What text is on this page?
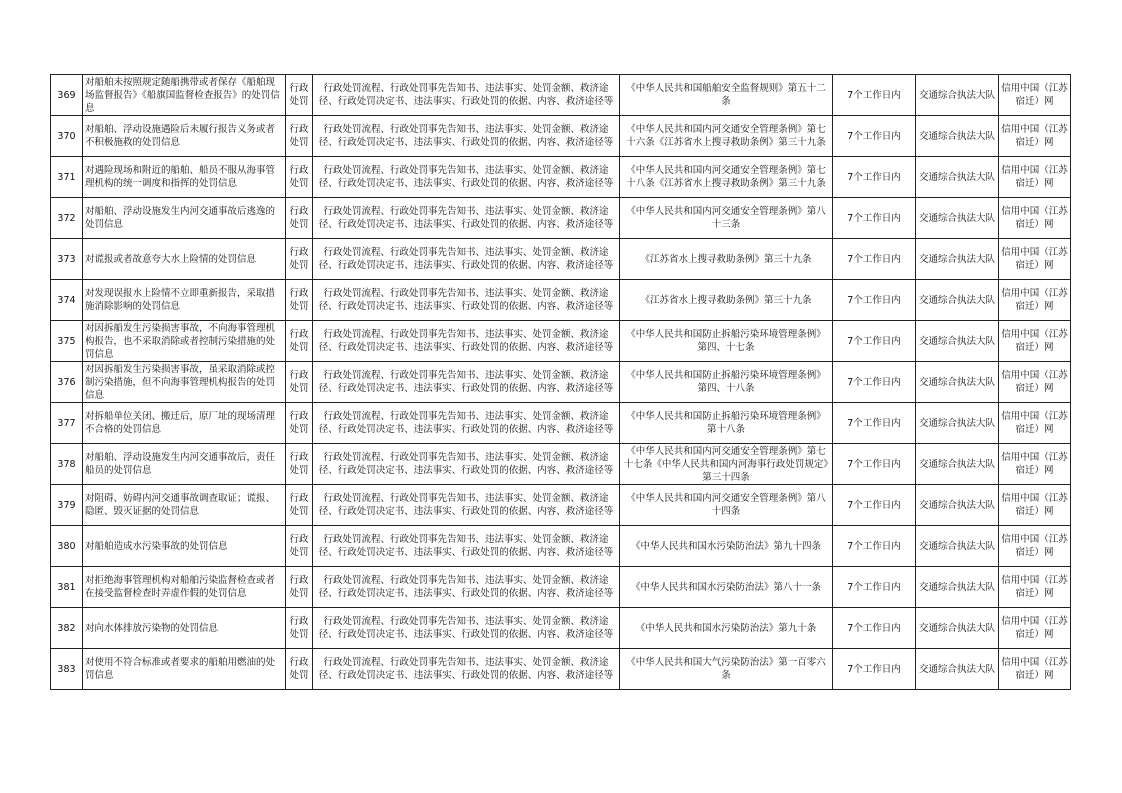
369	对船舶未按照规定随船携带或者保存《船舶现场监督报告》《船旗国监督检查报告》的处罚信息	行政处罚	行政处罚流程、行政处罚事先告知书、违法事实、处罚金额、救济途径、行政处罚决定书、违法事实、行政处罚的依据、内容、救济途径等	《中华人民共和国船舶安全监督规则》第五十二条	7个工作日内	交通综合执法大队	信用中国（江苏宿迁）网
370	对船舶、浮动设施遇险后未履行报告义务或者不积极施救的处罚信息	行政处罚	行政处罚流程、行政处罚事先告知书、违法事实、处罚金额、救济途径、行政处罚决定书、违法事实、行政处罚的依据、内容、救济途径等	《中华人民共和国内河交通安全管理条例》第七十六条《江苏省水上搜寻救助条例》第三十九条	7个工作日内	交通综合执法大队	信用中国（江苏宿迁）网
371	对遇险现场和附近的船舶、船员不服从海事管理机构的统一调度和指挥的处罚信息	行政处罚	行政处罚流程、行政处罚事先告知书、违法事实、处罚金额、救济途径、行政处罚决定书、违法事实、行政处罚的依据、内容、救济途径等	《中华人民共和国内河交通安全管理条例》第七十八条《江苏省水上搜寻救助条例》第三十九条	7个工作日内	交通综合执法大队	信用中国（江苏宿迁）网
372	对船舶、浮动设施发生内河交通事故后逃逸的处罚信息	行政处罚	行政处罚流程、行政处罚事先告知书、违法事实、处罚金额、救济途径、行政处罚决定书、违法事实、行政处罚的依据、内容、救济途径等	《中华人民共和国内河交通安全管理条例》第八十三条	7个工作日内	交通综合执法大队	信用中国（江苏宿迁）网
373	对谎报或者故意夸大水上险情的处罚信息	行政处罚	行政处罚流程、行政处罚事先告知书、违法事实、处罚金额、救济途径、行政处罚决定书、违法事实、行政处罚的依据、内容、救济途径等	《江苏省水上搜寻救助条例》第三十九条	7个工作日内	交通综合执法大队	信用中国（江苏宿迁）网
374	对发现误报水上险情不立即重新报告，采取措施消除影响的处罚信息	行政处罚	行政处罚流程、行政处罚事先告知书、违法事实、处罚金额、救济途径、行政处罚决定书、违法事实、行政处罚的依据、内容、救济途径等	《江苏省水上搜寻救助条例》第三十九条	7个工作日内	交通综合执法大队	信用中国（江苏宿迁）网
375	对因拆船发生污染损害事故，不向海事管理机构报告，也不采取消除或者控制污染措施的处罚信息	行政处罚	行政处罚流程、行政处罚事先告知书、违法事实、处罚金额、救济途径、行政处罚决定书、违法事实、行政处罚的依据、内容、救济途径等	《中华人民共和国防止拆船污染环境管理条例》第四、十七条	7个工作日内	交通综合执法大队	信用中国（江苏宿迁）网
376	对因拆船发生污染损害事故，虽采取消除或控制污染措施，但不向海事管理机构报告的处罚信息	行政处罚	行政处罚流程、行政处罚事先告知书、违法事实、处罚金额、救济途径、行政处罚决定书、违法事实、行政处罚的依据、内容、救济途径等	《中华人民共和国防止拆船污染环境管理条例》第四、十八条	7个工作日内	交通综合执法大队	信用中国（江苏宿迁）网
377	对拆船单位关闭、搬迁后，原厂址的现场清理不合格的处罚信息	行政处罚	行政处罚流程、行政处罚事先告知书、违法事实、处罚金额、救济途径、行政处罚决定书、违法事实、行政处罚的依据、内容、救济途径等	《中华人民共和国防止拆船污染环境管理条例》第十八条	7个工作日内	交通综合执法大队	信用中国（江苏宿迁）网
378	对船舶、浮动设施发生内河交通事故后，责任船员的处罚信息	行政处罚	行政处罚流程、行政处罚事先告知书、违法事实、处罚金额、救济途径、行政处罚决定书、违法事实、行政处罚的依据、内容、救济途径等	《中华人民共和国内河交通安全管理条例》第七十七条《中华人民共和国内河海事行政处罚规定》第三十四条	7个工作日内	交通综合执法大队	信用中国（江苏宿迁）网
379	对阻碍、妨碍内河交通事故调查取证；谎报、隐匿、毁灭证据的处罚信息	行政处罚	行政处罚流程、行政处罚事先告知书、违法事实、处罚金额、救济途径、行政处罚决定书、违法事实、行政处罚的依据、内容、救济途径等	《中华人民共和国内河交通安全管理条例》第八十四条	7个工作日内	交通综合执法大队	信用中国（江苏宿迁）网
380	对船舶造成水污染事故的处罚信息	行政处罚	行政处罚流程、行政处罚事先告知书、违法事实、处罚金额、救济途径、行政处罚决定书、违法事实、行政处罚的依据、内容、救济途径等	《中华人民共和国水污染防治法》第九十四条	7个工作日内	交通综合执法大队	信用中国（江苏宿迁）网
381	对拒绝海事管理机构对船舶污染监督检查或者在接受监督检查时弄虚作假的处罚信息	行政处罚	行政处罚流程、行政处罚事先告知书、违法事实、处罚金额、救济途径、行政处罚决定书、违法事实、行政处罚的依据、内容、救济途径等	《中华人民共和国水污染防治法》第八十一条	7个工作日内	交通综合执法大队	信用中国（江苏宿迁）网
382	对向水体排放污染物的处罚信息	行政处罚	行政处罚流程、行政处罚事先告知书、违法事实、处罚金额、救济途径、行政处罚决定书、违法事实、行政处罚的依据、内容、救济途径等	《中华人民共和国水污染防治法》第九十条	7个工作日内	交通综合执法大队	信用中国（江苏宿迁）网
383	对使用不符合标准或者要求的船舶用燃油的处罚信息	行政处罚	行政处罚流程、行政处罚事先告知书、违法事实、处罚金额、救济途径、行政处罚决定书、违法事实、行政处罚的依据、内容、救济途径等	《中华人民共和国大气污染防治法》第一百零六条	7个工作日内	交通综合执法大队	信用中国（江苏宿迁）网
